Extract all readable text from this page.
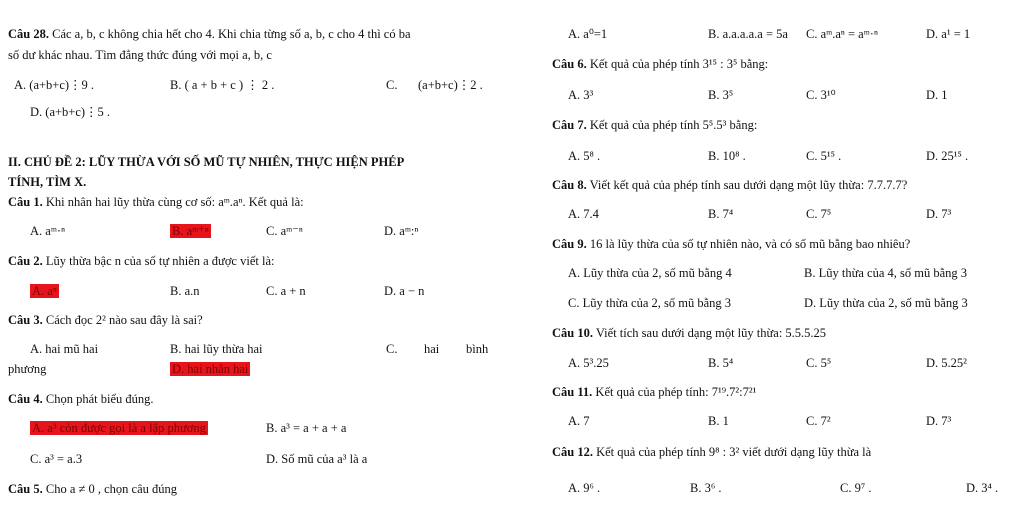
Câu 28. Các a, b, c không chia hết cho 4. Khi chia từng số a, b, c cho 4 thì có ba
số dư khác nhau. Tìm đẳng thức đúng với mọi a, b, c
A. (a+b+c)⋮9 .	B. ( a + b + c ) ⋮ 2 .	C. (a+b+c)⋮2 .
D. (a+b+c)⋮5 .
II. CHỦ ĐỀ 2: LŨY THỪA VỚI SỐ MŨ TỰ NHIÊN, THỰC HIỆN PHÉP
TÍNH, TÌM X.
Câu 1. Khi nhân hai lũy thừa cùng cơ số: aᵐ.aⁿ. Kết quả là:
A. aᵐ·ⁿ	B. aᵐ⁺ⁿ	C. aᵐ⁻ⁿ	D. aᵐ:ⁿ
Câu 2. Lũy thừa bậc n của số tự nhiên a được viết là:
A. aⁿ	B. a.n	C. a + n	D. a − n
Câu 3. Cách đọc 2² nào sau đây là sai?
A. hai mũ hai	B. hai lũy thừa hai	C. hai bình
phương	D. hai nhân hai
Câu 4. Chọn phát biểu đúng.
A. a³ còn được gọi là a lập phương	B. a³ = a + a + a
C. a³ = a.3	D. Số mũ của a³ là a
Câu 5. Cho a ≠ 0 , chọn câu đúng
A. a⁰=1	B. a.a.a.a.a = 5a C. aᵐ.aⁿ = aᵐ·ⁿ	D. a¹ = 1
Câu 6. Kết quả của phép tính 3¹⁵ : 3⁵ bằng:
A. 3³	B. 3⁵	C. 3¹⁰	D. 1
Câu 7. Kết quả của phép tính 5⁵.5³ bằng:
A. 5⁸ .	B. 10⁸ .	C. 5¹⁵ .	D. 25¹⁵ .
Câu 8. Viết kết quả của phép tính sau dưới dạng một lũy thừa: 7.7.7.7?
A. 7.4	B. 7⁴	C. 7⁵	D. 7³
Câu 9. 16 là lũy thừa của số tự nhiên nào, và có số mũ bằng bao nhiêu?
A. Lũy thừa của 2, số mũ bằng 4	B. Lũy thừa của 4, số mũ bằng 3
C. Lũy thừa của 2, số mũ bằng 3	D. Lũy thừa của 2, số mũ bằng 3
Câu 10. Viết tích sau dưới dạng một lũy thừa: 5.5.5.25
A. 5³.25	B. 5⁴	C. 5⁵	D. 5.25²
Câu 11. Kết quả của phép tính: 7¹⁹.7²:7²¹
A. 7	B. 1	C. 7²	D. 7³
Câu 12. Kết quả của phép tính 9⁸ : 3² viết dưới dạng lũy thừa là
A. 9⁶ .	B. 3⁶ .	C. 9⁷ .	D. 3⁴ .
